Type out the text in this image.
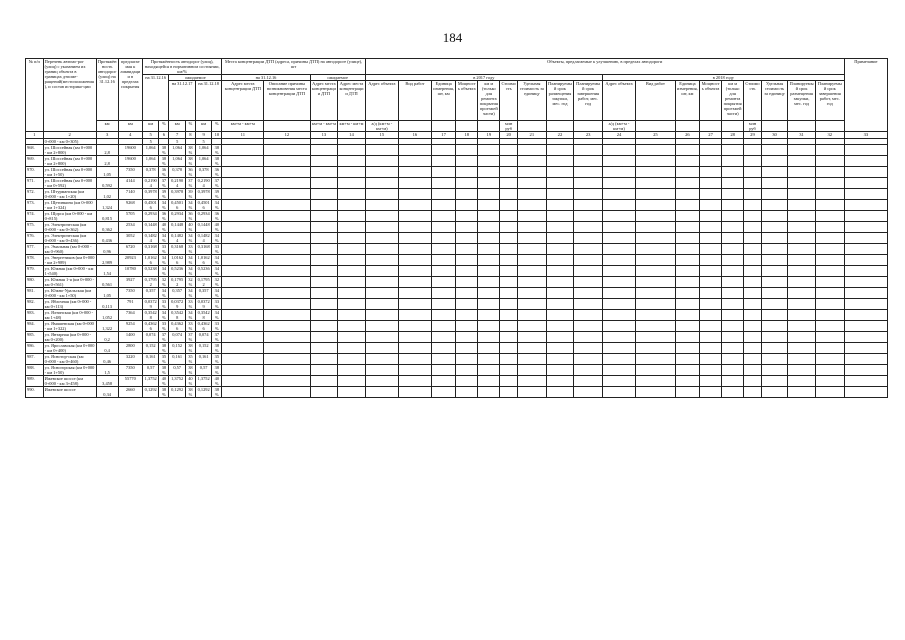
184
№ п/п	Перечень автомо-рог (улиц) с указанием их границ объекта в границах дтпоме-ращений(местоположения), и состав историко-ции	Протяжённость автодорог (улиц) на 31.12.16	предлагаемая к ликвидации в пределах покрытия	Протяжённость автодорог (улиц), находящейся в нормативном состоянии, км/%						Места концентрации ДТП (адреса, причины ДТП) на автодороге (улице), шт				Объекты, предлагаемые к улучшению, в пределах автодороги																		Примечание
				на 31.12.16		ожидаемое				на 31.12.16		ожидаемое		в 2017 году									в 2018 году									
						на 31.12.17		на 31.12.18		Адрес места концентрации ДТП	Описание причины возникновения места концентрации ДТП	Адрес места концентрации ДТП	Адрес места концентрации ДТП	Адрес объекта	Вид работ	Единица измерения, шт, км	Мощность объекта	км м (только для ремонта покрытия проезжей части)	Стоимость	Удельная стоимость за единицу	Планируемый срок размещения закупки, мес. год	Планируемый срок завершения работ, мес. год	Адрес объекта	Вид работ	Единица измерения, шт, км	Мощность объекта	км м (только для ремонта покрытия проезжей части)	Стоимость	Удельная стоимость за единицу	Планируемый срок размещения закупки, мес. год	Планируемый срок завершения работ, мес. год	
		км	км	км	%	км	%	км	%	км+м - км+м		км+м - км+м	км+м - км+м	а/д (км+м - км+м)					млн руб				а/д (км+м - км+м)					млн руб				
1	2	3	4	5	6	7	8	9	10	11	12	13	14	15	16	17	18	19	20	21	22	23	24	25	26	27	28	29	30	31	32	33
	0+000 - км 0+305)			5		5		5																								
968.	ул. Шоссейная (км 0+000 - км 2+800)	2,8	19600	1,064	38%	1,064	38%	1,064	38%																							
969.	ул. Шоссейная (км 0+000 - км 2+800)	2,8	19600	1,064	38%	1,064	38%	1,064	38%																							
970.	ул. Шоссейная (км 0+000 - км 1+50)	1,05	7350	0,378	36%	0,378	36%	0,378	36%																							
971.	ул. Шоссейная (км 0+000 - км 0+592)	0,592	4144	0,2190 4	37%	0,2190 4	37%	0,2190 4	37%																							
972.	ул. Штурманская (км 0+000 - км 1+20)	1,02	7140	0,3978	39%	0,3978	39%	0,3978	39%																							
973.	ул. Щетинкина (км 0+000 - км 1+324)	1,324	9268	0,4501 6	34%	0,4501 6	34%	0,4501 6	34%																							
974.	ул. Щорса (км 0+000 - км 0+815)	0,815	5705	0,2934	36%	0,2934	36%	0,2934	36%																							
975.	ул. Электрическая (км 0+000 - км 0+362)	0,362	2534	0,1448	40%	0,1448	40%	0,1448	40%																							
976.	ул. Электрическая (км 0+000 - км 0+436)	0,436	3052	0,1482 4	34%	0,1482 4	34%	0,1482 4	34%																							
977.	ул. Эмальная (км 0+000 - км 0+960)	0,96	6720	0,3168	33%	0,3168	33%	0,3168	33%																							
978.	ул. Энергетиков (км 0+000 - км 2+989)	2,989	20923	1,0162 6	34%	1,0162 6	34%	1,0162 6	34%																							
979.	ул. Южная (км 0+000 - км 1+540)	1,54	10780	0,5238	34%	0,5236	34%	0,5236	34%																							
980.	ул. Южная 1-я (км 0+000 - км 0+561)	0,561	3927	0,1795 2	32%	0,1795 2	32%	0,1795 2	32%																							
981.	ул. Южно-Уральская (км 0+000 - км 1+50)	1,05	7350	0,357	34%	0,357	34%	0,357	34%																							
982.	ул. Яблочная (км 0+000 - км 0+113)	0,113	791	0,0372 9	33%	0,0372 9	33%	0,0372 9	33%																							
983.	ул. Ялтинская (км 0+000 - км 1+48)	1,052	7364	0,3542 8	34%	0,3542 8	34%	0,3542 8	34%																							
984.	ул. Ямашевская (км 0+000 - км 1+322)	1,322	9254	0,4362 6	33%	0,4362 6	33%	0,4362 6	33%																							
985.	ул. Янтарная (км 0+000 - км 0+200)	0,2	1400	0,074	37%	0,074	37%	0,074	37%																							
986.	ул. Ярославская (км 0+000 - км 0+400)	0,4	2800	0,152	38%	0,152	38%	0,152	38%																							
987.	ул. Яснотор-ская (км 0+000 - км 0+460)	0,46	3220	0,161	35%	0,161	35%	0,161	35%																							
988.	ул. Ясногорская (км 0+000 - км 1+50)	1,5	7350	0,57	38%	0,57	38%	0,57	38%																							
989.	Ижевское шоссе (км 0+000 - км 3+458)	3,458	55770	1,3752	40%	1,3752	40%	1,3752	40%																							
990.	Ижевское шоссе	0,34	2660	0,1292	38%	0,1292	38%	0,1292	38%																							
